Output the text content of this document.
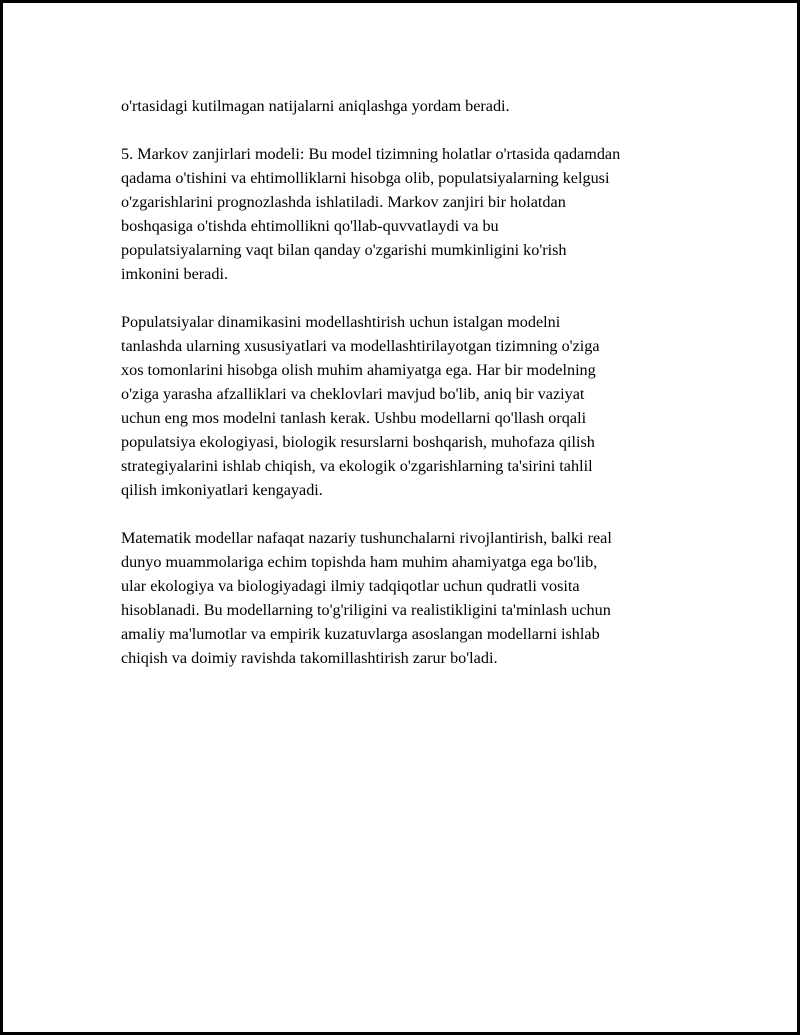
o'rtasidagi kutilmagan natijalarni aniqlashga yordam beradi.

5. Markov zanjirlari modeli: Bu model tizimning holatlar o'rtasida qadamdan
qadama o'tishini va ehtimolliklarni hisobga olib, populatsiyalarning kelgusi
o'zgarishlarini prognozlashda ishlatiladi. Markov zanjiri bir holatdan
boshqasiga o'tishda ehtimollikni qo'llab-quvvatlaydi va bu
populatsiyalarning vaqt bilan qanday o'zgarishi mumkinligini ko'rish
imkonini beradi.

Populatsiyalar dinamikasini modellashtirish uchun istalgan modelni
tanlashda ularning xususiyatlari va modellashtirilayotgan tizimning o'ziga
xos tomonlarini hisobga olish muhim ahamiyatga ega. Har bir modelning
o'ziga yarasha afzalliklari va cheklovlari mavjud bo'lib, aniq bir vaziyat
uchun eng mos modelni tanlash kerak. Ushbu modellarni qo'llash orqali
populatsiya ekologiyasi, biologik resurslarni boshqarish, muhofaza qilish
strategiyalarini ishlab chiqish, va ekologik o'zgarishlarning ta'sirini tahlil
qilish imkoniyatlari kengayadi.

Matematik modellar nafaqat nazariy tushunchalarni rivojlantirish, balki real
dunyo muammolariga echim topishda ham muhim ahamiyatga ega bo'lib,
ular ekologiya va biologiyadagi ilmiy tadqiqotlar uchun qudratli vosita
hisoblanadi. Bu modellarning to'g'riligini va realistikligini ta'minlash uchun
amaliy ma'lumotlar va empirik kuzatuvlarga asoslangan modellarni ishlab
chiqish va doimiy ravishda takomillashtirish zarur bo'ladi.
